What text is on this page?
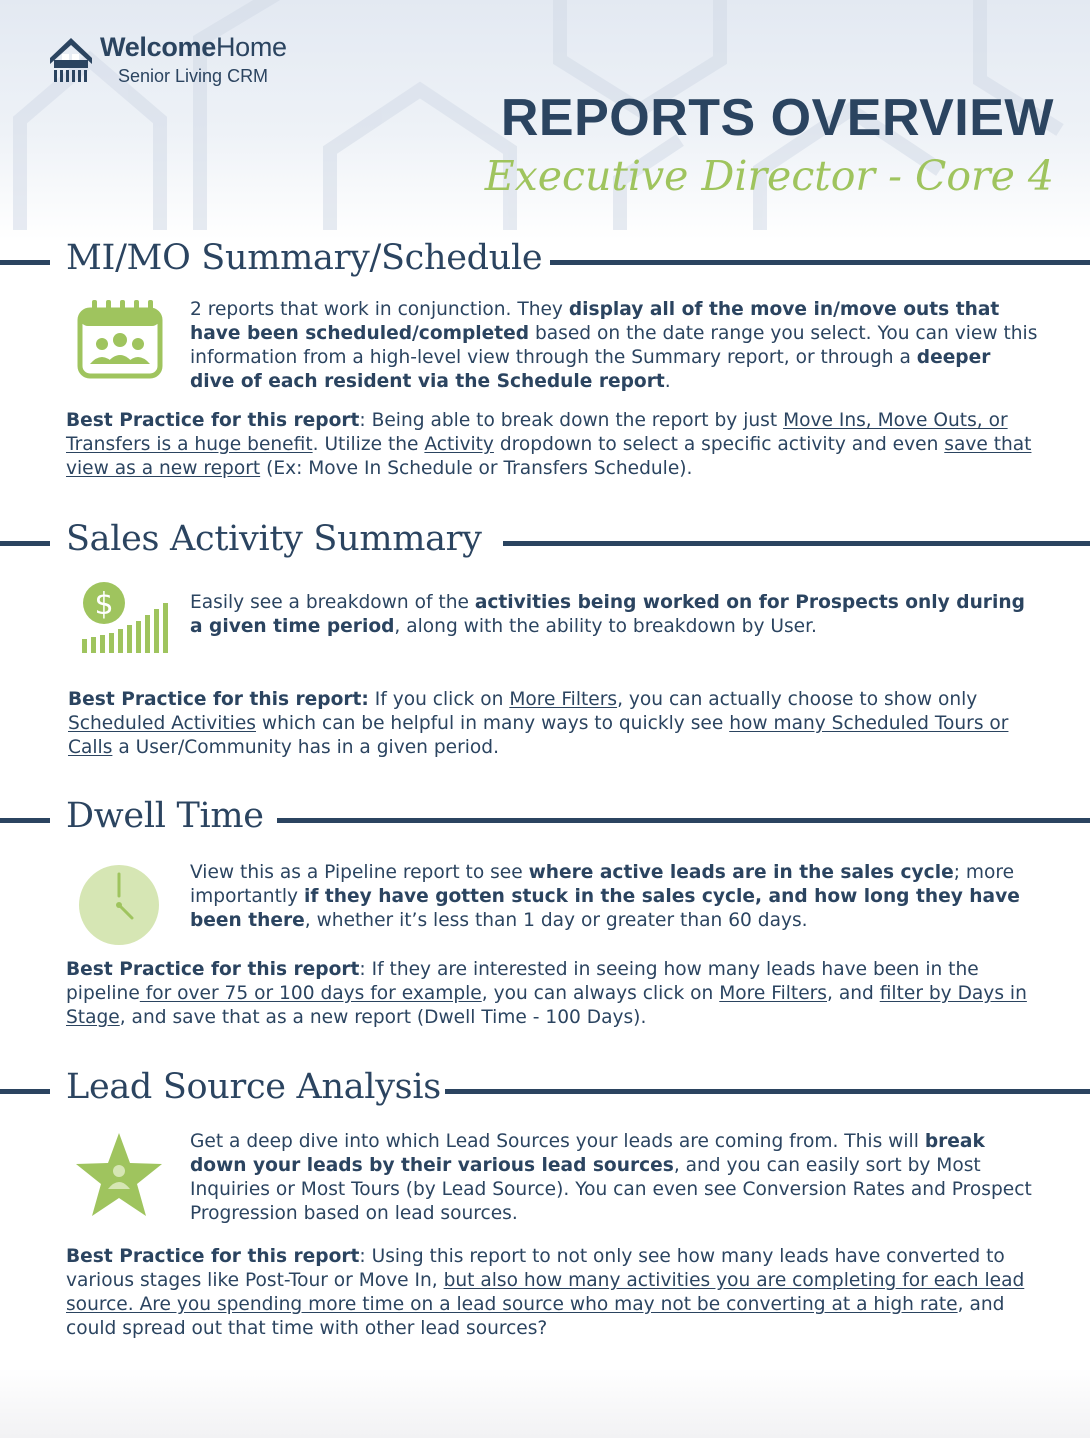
WelcomeHome
Senior Living CRM
REPORTS OVERVIEW
Executive Director - Core 4
MI/MO Summary/Schedule
2 reports that work in conjunction. They display all of the move in/move outs that have been scheduled/completed based on the date range you select. You can view this information from a high-level view through the Summary report, or through a deeper dive of each resident via the Schedule report.
Best Practice for this report: Being able to break down the report by just Move Ins, Move Outs, or Transfers is a huge benefit. Utilize the Activity dropdown to select a specific activity and even save that view as a new report (Ex: Move In Schedule or Transfers Schedule).
Sales Activity Summary
$	Easily see a breakdown of the activities being worked on for Prospects only during a given time period, along with the ability to breakdown by User.
Best Practice for this report: If you click on More Filters, you can actually choose to show only Scheduled Activities which can be helpful in many ways to quickly see how many Scheduled Tours or Calls a User/Community has in a given period.
Dwell Time
View this as a Pipeline report to see where active leads are in the sales cycle; more importantly if they have gotten stuck in the sales cycle, and how long they have been there, whether it’s less than 1 day or greater than 60 days.
Best Practice for this report: If they are interested in seeing how many leads have been in the pipeline for over 75 or 100 days for example, you can always click on More Filters, and filter by Days in Stage, and save that as a new report (Dwell Time - 100 Days).
Lead Source Analysis
Get a deep dive into which Lead Sources your leads are coming from. This will break down your leads by their various lead sources, and you can easily sort by Most Inquiries or Most Tours (by Lead Source). You can even see Conversion Rates and Prospect Progression based on lead sources.
Best Practice for this report: Using this report to not only see how many leads have converted to various stages like Post-Tour or Move In, but also how many activities you are completing for each lead source. Are you spending more time on a lead source who may not be converting at a high rate, and could spread out that time with other lead sources?
